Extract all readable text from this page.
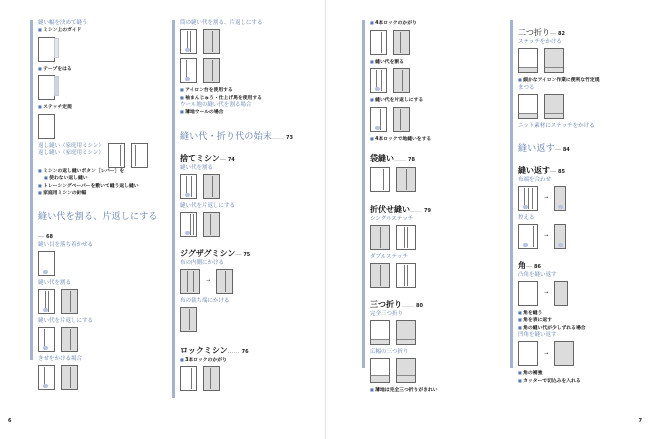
縫い幅を決めて縫う
■ ミシン上のガイド
■ テープをはる
■ ステッチ定規
返し縫い（家庭用ミシン）
返し縫い（家庭用ミシン）
■ ミシンの返し縫いボタン［レバー］を
■ 使わない返し縫い
■ トレーシングペーパーを敷いて縫う返し縫い
■ 家庭用ミシンの針幅
縫い代を割る、片返しにする― 68
縫い目を落ち着かせる
縫い代を割る
縫い代を片返しにする
きせをかける場合
筒の縫い代を割る、片返しにする
■ アイロン台を使用する
■ 袖まんじゅう・仕上げ馬を使用する
ウール地の縫い代を割る場合
■ 薄地ウールの場合
縫い代・折り代の始末…… 73
捨てミシン― 74
縫い代を割る
縫い代を片返しにする
ジグザグミシン― 75
布の内側にかける
→
布の裁ち端にかける
ロックミシン…… 76
■ 3本ロックのかがり
6
■ 4本ロックのかがり
■ 縫い代を割る
■ 縫い代を片返しにする
■ 4本ロックで地縫いをする
袋縫い…… 78
折伏せ縫い…… 79
シングルステッチ
ダブルステッチ
三つ折り…… 80
完全三つ折り
広幅の三つ折り
■ 薄地は完全三つ折りがきれい
二つ折り― 82
ステッチをかける
■ 細かなアイロン作業に便利な竹定規
まつる
ニット素材にステッチをかける
縫い返す― 84
縫い返す― 85
布端を合わせ
→
控える
→
角― 86
凸角を縫い返す
→
■ 角を縫う
■ 角を表に返す
■ 角の縫い代が少しずれる場合
凹角を縫い返す
→
■ 角の補強
■ カッターで切込みを入れる
7
